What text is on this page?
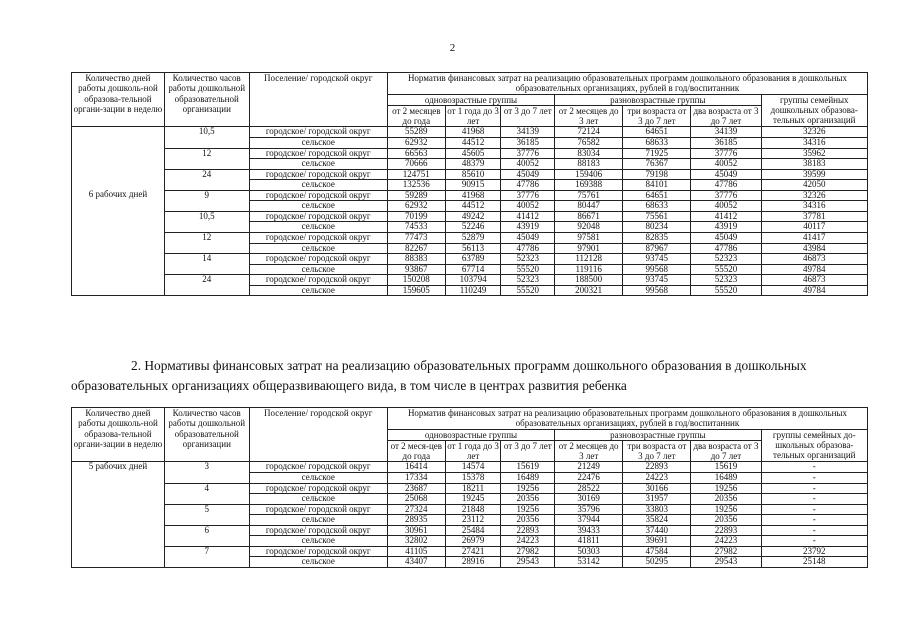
2
Количество дней работы дошколь-ной образова-тельной органи-зации в неделю	Количество часов работы дошкольной образовательной организации	Поселение/ городской округ	Норматив финансовых затрат на реализацию образовательных программ дошкольного образования в дошкольных образовательных организациях, рублей в год/воспитанник						
			одновозрастные группы			разновозрастные группы			группы семейных дошкольных образова-тельных организаций
			от 2 месяцев до года	от 1 года до 3 лет	от 3 до 7 лет	от 2 месяцев до 3 лет	три возраста от 3 до 7 лет	два возраста от 3 до 7 лет	

	10,5	городское/ городской округ	55289	41968	34139	72124	64651	34139	32326
		сельское	62932	44512	36185	76582	68633	36185	34316
	12	городское/ городской округ	66563	45605	37776	83034	71925	37776	35962
		сельское	70666	48379	40052	88183	76367	40052	38183
	24	городское/ городской округ	124751	85610	45049	159406	79198	45049	39599
		сельское	132536	90915	47786	169388	84101	47786	42050
6 рабочих дней	9	городское/ городской округ	59289	41968	37776	75761	64651	37776	32326
		сельское	62932	44512	40052	80447	68633	40052	34316
	10,5	городское/ городской округ	70199	49242	41412	86671	75561	41412	37781
		сельское	74533	52246	43919	92048	80234	43919	40117
	12	городское/ городской округ	77473	52879	45049	97581	82835	45049	41417
		сельское	82267	56113	47786	97901	87967	47786	43984
	14	городское/ городской округ	88383	63789	52323	112128	93745	52323	46873
		сельское	93867	67714	55520	119116	99568	55520	49784
	24	городское/ городской округ	150208	103794	52323	188500	93745	52323	46873
		сельское	159605	110249	55520	200321	99568	55520	49784
2. Нормативы финансовых затрат на реализацию образовательных программ дошкольного образования в дошкольных образовательных организациях общеразвивающего вида, в том числе в центрах развития ребенка
Количество дней работы дошколь-ной образова-тельной органи-зации в неделю	Количество часов работы дошкольной образовательной организации	Поселение/ городской округ	Норматив финансовых затрат на реализацию образовательных программ дошкольного образования в дошкольных образовательных организациях, рублей в год/воспитанник						
			одновозрастные группы			разновозрастные группы			группы семейных до-школьных образова-тельных организаций
			от 2 меся-цев до года	от 1 года до 3 лет	от 3 до 7 лет	от 2 месяцев до 3 лет	три возраста от 3 до 7 лет	два возраста от 3 до 7 лет	

5 рабочих дней	3	городское/ городской округ	16414	14574	15619	21249	22893	15619	-
		сельское	17334	15378	16489	22476	24223	16489	-
	4	городское/ городской округ	23687	18211	19256	28522	30166	19256	-
		сельское	25068	19245	20356	30169	31957	20356	-
	5	городское/ городской округ	27324	21848	19256	35796	33803	19256	-
		сельское	28935	23112	20356	37944	35824	20356	-
	6	городское/ городской округ	30961	25484	22893	39433	37440	22893	-
		сельское	32802	26979	24223	41811	39691	24223	-
	7	городское/ городской округ	41105	27421	27982	50303	47584	27982	23792
		сельское	43407	28916	29543	53142	50295	29543	25148
